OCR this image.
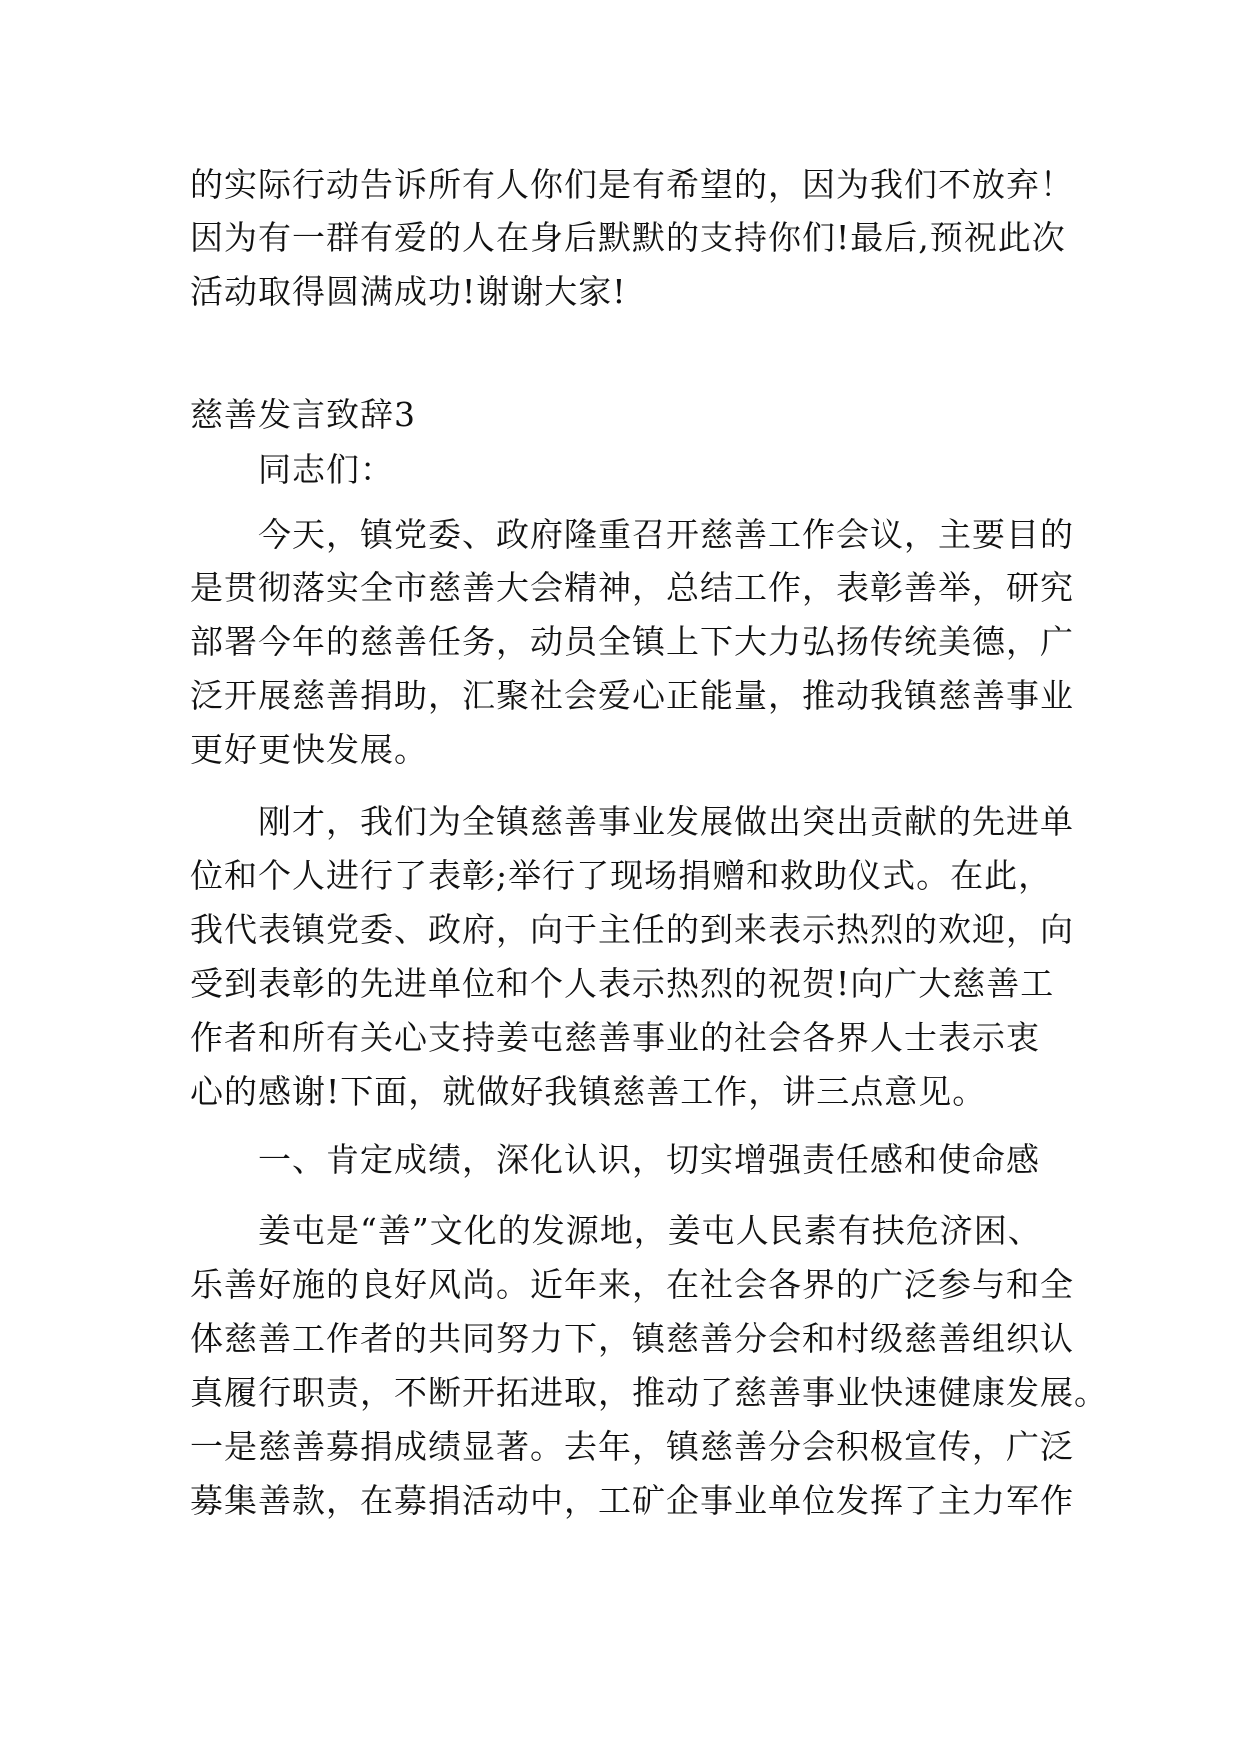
的实际行动告诉所有人你们是有希望的，因为我们不放弃！
因为有一群有爱的人在身后默默的支持你们!最后,预祝此次
活动取得圆满成功!谢谢大家!
慈善发言致辞3
同志们：
今天，镇党委、政府隆重召开慈善工作会议，主要目的
是贯彻落实全市慈善大会精神，总结工作，表彰善举，研究
部署今年的慈善任务，动员全镇上下大力弘扬传统美德，广
泛开展慈善捐助，汇聚社会爱心正能量，推动我镇慈善事业
更好更快发展。
刚才，我们为全镇慈善事业发展做出突出贡献的先进单
位和个人进行了表彰;举行了现场捐赠和救助仪式。在此，
我代表镇党委、政府，向于主任的到来表示热烈的欢迎，向
受到表彰的先进单位和个人表示热烈的祝贺!向广大慈善工
作者和所有关心支持姜屯慈善事业的社会各界人士表示衷
心的感谢!下面，就做好我镇慈善工作，讲三点意见。
一、肯定成绩，深化认识，切实增强责任感和使命感
姜屯是“善”文化的发源地，姜屯人民素有扶危济困、
乐善好施的良好风尚。近年来，在社会各界的广泛参与和全
体慈善工作者的共同努力下，镇慈善分会和村级慈善组织认
真履行职责，不断开拓进取，推动了慈善事业快速健康发展。
一是慈善募捐成绩显著。去年，镇慈善分会积极宣传，广泛
募集善款，在募捐活动中，工矿企事业单位发挥了主力军作
